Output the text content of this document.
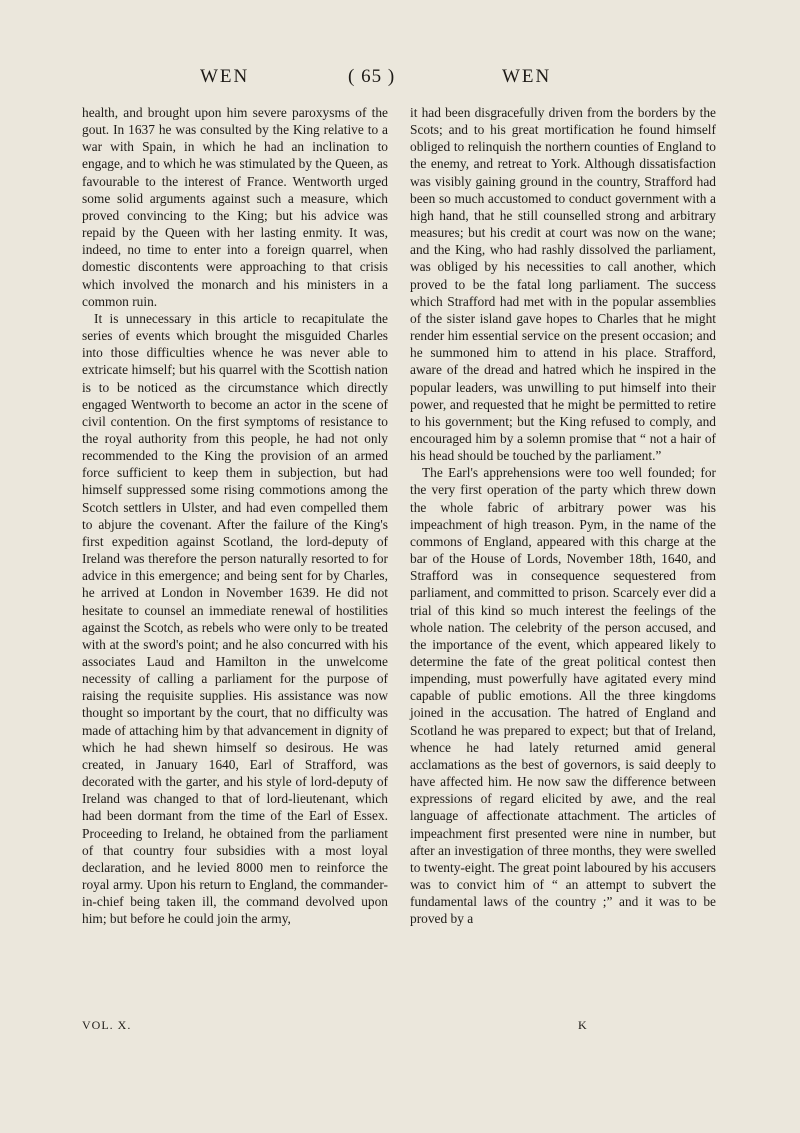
WEN	( 65 )	WEN

health, and brought upon him severe paroxysms of the gout. In 1637 he was consulted by the King relative to a war with Spain, in which he had an inclination to engage, and to which he was stimulated by the Queen, as favourable to the interest of France. Wentworth urged some solid arguments against such a measure, which proved convincing to the King; but his advice was repaid by the Queen with her lasting enmity. It was, indeed, no time to enter into a foreign quarrel, when domestic discontents were approaching to that crisis which involved the monarch and his ministers in a common ruin.

It is unnecessary in this article to recapitulate the series of events which brought the misguided Charles into those difficulties whence he was never able to extricate himself; but his quarrel with the Scottish nation is to be noticed as the circumstance which directly engaged Wentworth to become an actor in the scene of civil contention. On the first symptoms of resistance to the royal authority from this people, he had not only recommended to the King the provision of an armed force sufficient to keep them in subjection, but had himself suppressed some rising commotions among the Scotch settlers in Ulster, and had even compelled them to abjure the covenant. After the failure of the King's first expedition against Scotland, the lord-deputy of Ireland was therefore the person naturally resorted to for advice in this emergence; and being sent for by Charles, he arrived at London in November 1639. He did not hesitate to counsel an immediate renewal of hostilities against the Scotch, as rebels who were only to be treated with at the sword's point; and he also concurred with his associates Laud and Hamilton in the unwelcome necessity of calling a parliament for the purpose of raising the requisite supplies. His assistance was now thought so important by the court, that no difficulty was made of attaching him by that advancement in dignity of which he had shewn himself so desirous. He was created, in January 1640, Earl of Strafford, was decorated with the garter, and his style of lord-deputy of Ireland was changed to that of lord-lieutenant, which had been dormant from the time of the Earl of Essex. Proceeding to Ireland, he obtained from the parliament of that country four subsidies with a most loyal declaration, and he levied 8000 men to reinforce the royal army. Upon his return to England, the commander-in-chief being taken ill, the command devolved upon him; but before he could join the army,

it had been disgracefully driven from the borders by the Scots; and to his great mortification he found himself obliged to relinquish the northern counties of England to the enemy, and retreat to York. Although dissatisfaction was visibly gaining ground in the country, Strafford had been so much accustomed to conduct government with a high hand, that he still counselled strong and arbitrary measures; but his credit at court was now on the wane; and the King, who had rashly dissolved the parliament, was obliged by his necessities to call another, which proved to be the fatal long parliament. The success which Strafford had met with in the popular assemblies of the sister island gave hopes to Charles that he might render him essential service on the present occasion; and he summoned him to attend in his place. Strafford, aware of the dread and hatred which he inspired in the popular leaders, was unwilling to put himself into their power, and requested that he might be permitted to retire to his government; but the King refused to comply, and encouraged him by a solemn promise that “ not a hair of his head should be touched by the parliament.”

The Earl's apprehensions were too well founded; for the very first operation of the party which threw down the whole fabric of arbitrary power was his impeachment of high treason. Pym, in the name of the commons of England, appeared with this charge at the bar of the House of Lords, November 18th, 1640, and Strafford was in consequence sequestered from parliament, and committed to prison. Scarcely ever did a trial of this kind so much interest the feelings of the whole nation. The celebrity of the person accused, and the importance of the event, which appeared likely to determine the fate of the great political contest then impending, must powerfully have agitated every mind capable of public emotions. All the three kingdoms joined in the accusation. The hatred of England and Scotland he was prepared to expect; but that of Ireland, whence he had lately returned amid general acclamations as the best of governors, is said deeply to have affected him. He now saw the difference between expressions of regard elicited by awe, and the real language of affectionate attachment. The articles of impeachment first presented were nine in number, but after an investigation of three months, they were swelled to twenty-eight. The great point laboured by his accusers was to convict him of “ an attempt to subvert the fundamental laws of the country ;” and it was to be proved by a

VOL. X.	K
